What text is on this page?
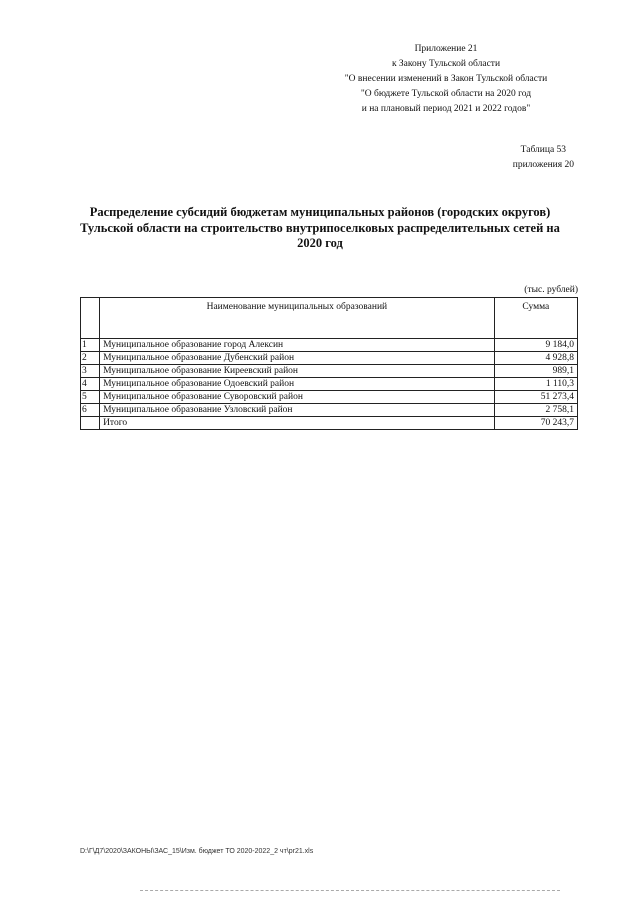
Приложение 21
к Закону Тульской области
"О внесении изменений в Закон Тульской области
"О бюджете Тульской области на 2020 год
и на плановый период 2021 и 2022 годов"
Таблица 53
приложения 20
Распределение субсидий бюджетам муниципальных районов (городских округов)
Тульской области на строительство внутрипоселковых распределительных сетей на
2020 год
(тыс. рублей)
	Наименование муниципальных образований	Сумма
1	Муниципальное образование город Алексин	9 184,0
2	Муниципальное образование Дубенский район	4 928,8
3	Муниципальное образование Киреевский район	989,1
4	Муниципальное образование Одоевский район	1 110,3
5	Муниципальное образование Суворовский район	51 273,4
6	Муниципальное образование Узловский район	2 758,1
	Итого	70 243,7
D:\Г\Д7\2020\ЗАКОНЫ\ЗАС_15\Изм. бюджет ТО 2020-2022_2 чт\pr21.xls
